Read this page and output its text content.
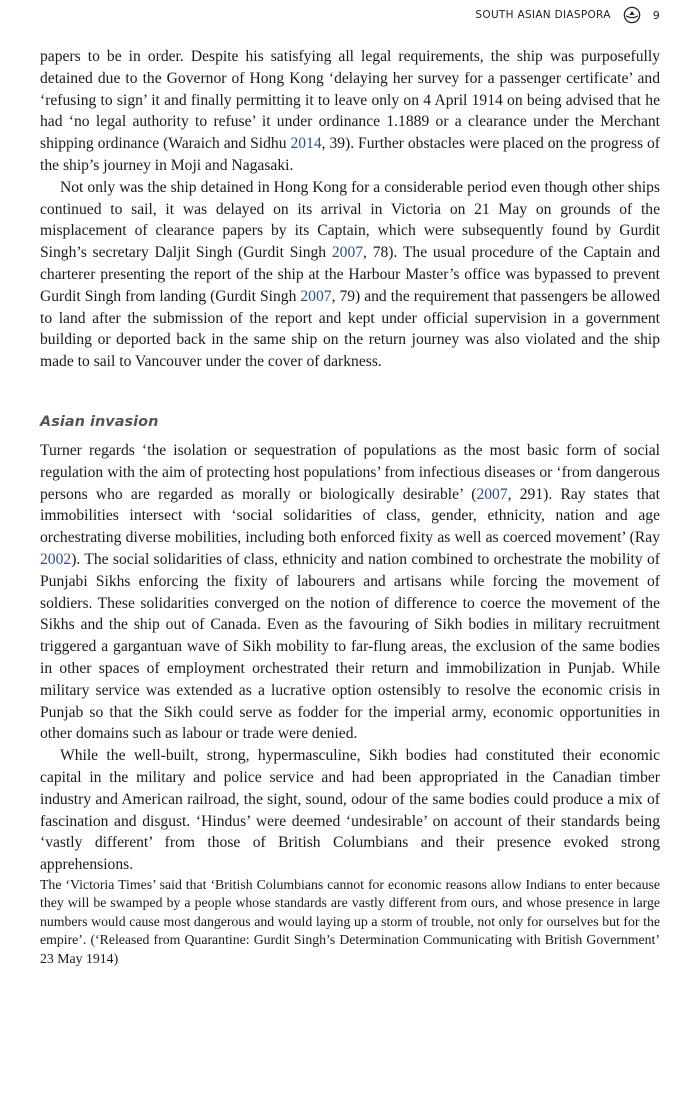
SOUTH ASIAN DIASPORA	9

papers to be in order. Despite his satisfying all legal requirements, the ship was purposefully detained due to the Governor of Hong Kong ‘delaying her survey for a passenger certificate’ and ‘refusing to sign’ it and finally permitting it to leave only on 4 April 1914 on being advised that he had ‘no legal authority to refuse’ it under ordinance 1.1889 or a clearance under the Merchant shipping ordinance (Waraich and Sidhu 2014, 39). Further obstacles were placed on the progress of the ship’s journey in Moji and Nagasaki.

Not only was the ship detained in Hong Kong for a considerable period even though other ships continued to sail, it was delayed on its arrival in Victoria on 21 May on grounds of the misplacement of clearance papers by its Captain, which were subsequently found by Gurdit Singh’s secretary Daljit Singh (Gurdit Singh 2007, 78). The usual procedure of the Captain and charterer presenting the report of the ship at the Harbour Master’s office was bypassed to prevent Gurdit Singh from landing (Gurdit Singh 2007, 79) and the requirement that passengers be allowed to land after the submission of the report and kept under official supervision in a government building or deported back in the same ship on the return journey was also violated and the ship made to sail to Vancouver under the cover of darkness.

Asian invasion

Turner regards ‘the isolation or sequestration of populations as the most basic form of social regulation with the aim of protecting host populations’ from infectious diseases or ‘from dangerous persons who are regarded as morally or biologically desirable’ (2007, 291). Ray states that immobilities intersect with ‘social solidarities of class, gender, ethnicity, nation and age orchestrating diverse mobilities, including both enforced fixity as well as coerced movement’ (Ray 2002). The social solidarities of class, ethnicity and nation combined to orchestrate the mobility of Punjabi Sikhs enforcing the fixity of labourers and artisans while forcing the movement of soldiers. These solidarities converged on the notion of difference to coerce the movement of the Sikhs and the ship out of Canada. Even as the favouring of Sikh bodies in military recruitment triggered a gargantuan wave of Sikh mobility to far-flung areas, the exclusion of the same bodies in other spaces of employment orchestrated their return and immobilization in Punjab. While military service was extended as a lucrative option ostensibly to resolve the economic crisis in Punjab so that the Sikh could serve as fodder for the imperial army, economic opportunities in other domains such as labour or trade were denied.

While the well-built, strong, hypermasculine, Sikh bodies had constituted their economic capital in the military and police service and had been appropriated in the Canadian timber industry and American railroad, the sight, sound, odour of the same bodies could produce a mix of fascination and disgust. ‘Hindus’ were deemed ‘undesirable’ on account of their standards being ‘vastly different’ from those of British Columbians and their presence evoked strong apprehensions.

The ‘Victoria Times’ said that ‘British Columbians cannot for economic reasons allow Indians to enter because they will be swamped by a people whose standards are vastly different from ours, and whose presence in large numbers would cause most dangerous and would laying up a storm of trouble, not only for ourselves but for the empire’. (‘Released from Quarantine: Gurdit Singh’s Determination Communicating with British Government’ 23 May 1914)
